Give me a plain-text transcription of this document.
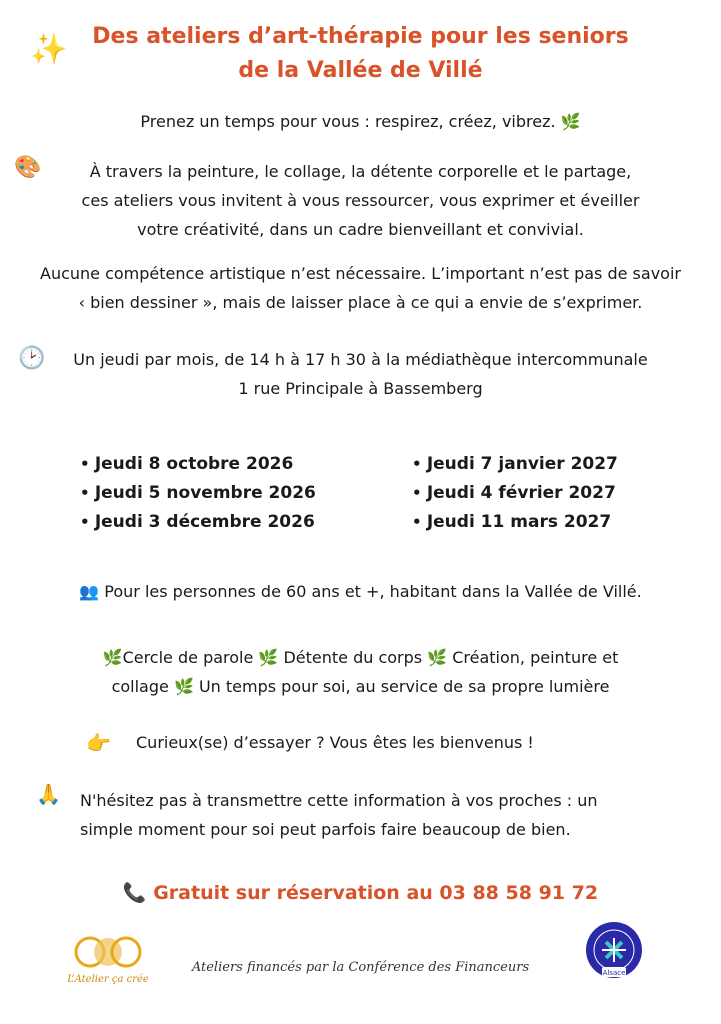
✨	Des ateliers d’art-thérapie pour les seniors
de la Vallée de Villé
Prenez un temps pour vous : respirez, créez, vibrez. 🌿
🎨	À travers la peinture, le collage, la détente corporelle et le partage,
ces ateliers vous invitent à vous ressourcer, vous exprimer et éveiller
votre créativité, dans un cadre bienveillant et convivial.
Aucune compétence artistique n’est nécessaire. L’important n’est pas de savoir
‹ bien dessiner », mais de laisser place à ce qui a envie de s’exprimer.
🕑	Un jeudi par mois, de 14 h à 17 h 30 à la médiathèque intercommunale
1 rue Principale à Bassemberg
• Jeudi 8 octobre 2026
• Jeudi 5 novembre 2026
• Jeudi 3 décembre 2026
• Jeudi 7 janvier 2027
• Jeudi 4 février 2027
• Jeudi 11 mars 2027
👥 Pour les personnes de 60 ans et +, habitant dans la Vallée de Villé.
🌿Cercle de parole 🌿 Détente du corps 🌿 Création, peinture et
collage 🌿 Un temps pour soi, au service de sa propre lumière
👉 Curieux(se) d’essayer ? Vous êtes les bienvenus !
🙏 N'hésitez pas à transmettre cette information à vos proches : un
simple moment pour soi peut parfois faire beaucoup de bien.
📞 Gratuit sur réservation au 03 88 58 91 72
L’Atelier ça crée
Ateliers financés par la Conférence des Financeurs	Alsace
